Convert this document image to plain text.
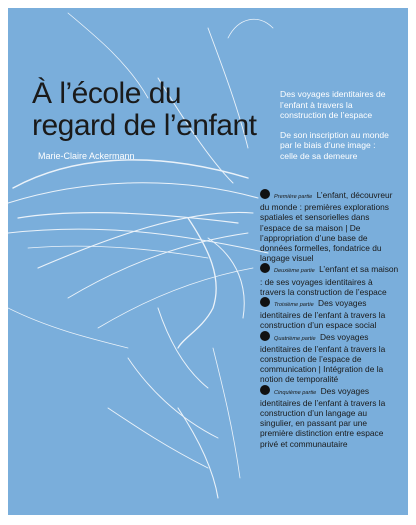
À l’école du regard de l’enfant
Marie-Claire Ackermann

Des voyages identitaires de l’enfant à travers la construction de l’espace

De son inscription au monde par le biais d’une image : celle de sa demeure

Première partie L’enfant, découvreur du monde : premières explorations spatiales et sensorielles dans l’espace de sa maison | De l’appropriation d’une base de données formelles, fondatrice du langage visuel

Deuxième partie L’enfant et sa maison : de ses voyages identitaires à travers la construction de l’espace

Troisième partie Des voyages identitaires de l’enfant à travers la construction d’un espace social

Quatrième partie Des voyages identitaires de l’enfant à travers la construction de l’espace de communication | Intégration de la notion de temporalité

Cinquième partie Des voyages identitaires de l’enfant à travers la construction d’un langage au singulier, en passant par une première distinction entre espace privé et communautaire
